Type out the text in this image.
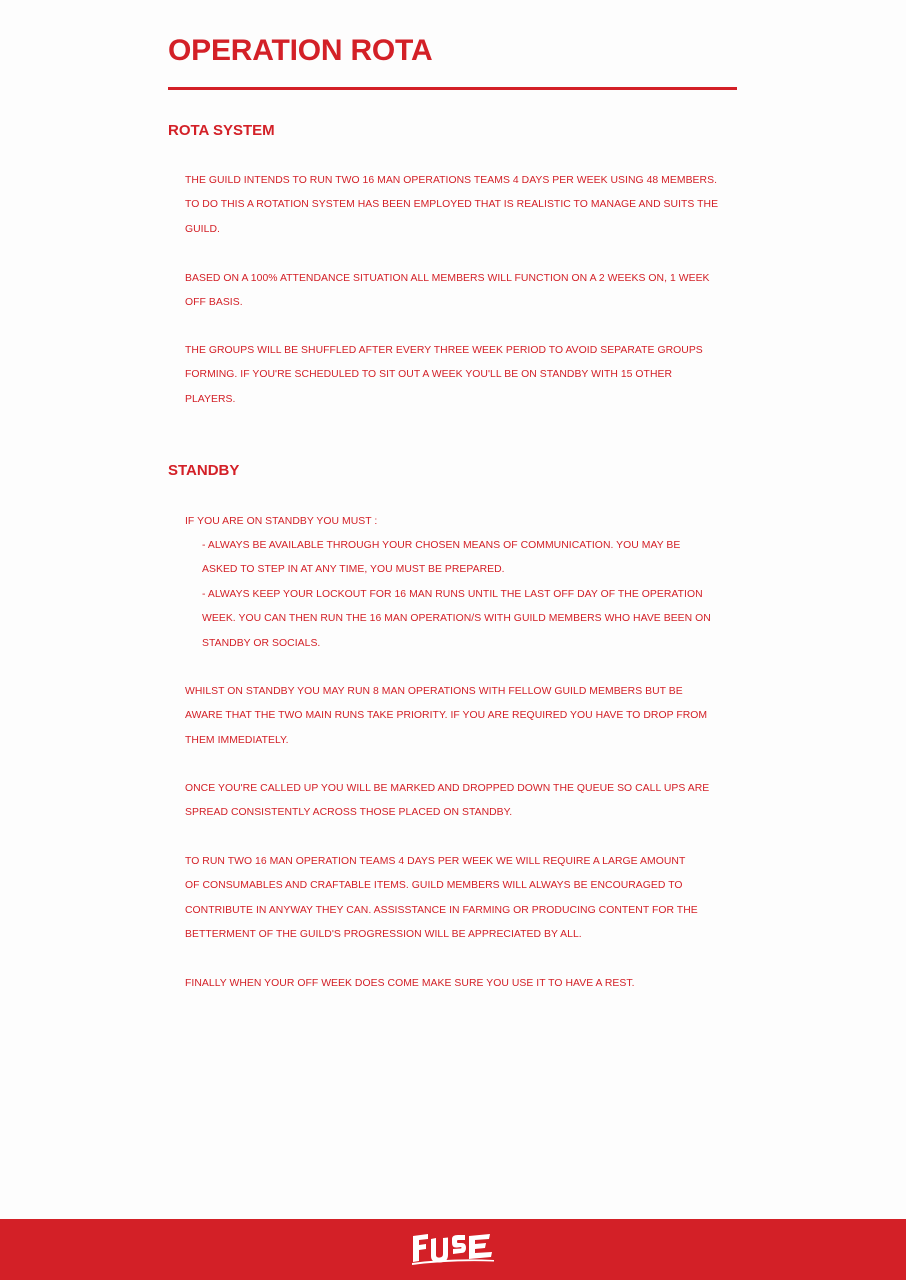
OPERATION ROTA
ROTA SYSTEM
THE GUILD INTENDS TO RUN TWO 16 MAN OPERATIONS TEAMS 4 DAYS PER WEEK USING 48 MEMBERS.
TO DO THIS A ROTATION SYSTEM HAS BEEN EMPLOYED THAT IS REALISTIC TO MANAGE AND SUITS THE
GUILD.
BASED ON A 100% ATTENDANCE SITUATION ALL MEMBERS WILL FUNCTION ON A 2 WEEKS ON, 1 WEEK
OFF BASIS.
THE GROUPS WILL BE SHUFFLED AFTER EVERY THREE WEEK PERIOD TO AVOID SEPARATE GROUPS
FORMING. IF YOU'RE SCHEDULED TO SIT OUT A WEEK YOU'LL BE ON STANDBY WITH 15 OTHER
PLAYERS.
STANDBY
IF YOU ARE ON STANDBY YOU MUST :
- ALWAYS BE AVAILABLE THROUGH YOUR CHOSEN MEANS OF COMMUNICATION. YOU MAY BE
ASKED TO STEP IN AT ANY TIME, YOU MUST BE PREPARED.
- ALWAYS KEEP YOUR LOCKOUT FOR 16 MAN RUNS UNTIL THE LAST OFF DAY OF THE OPERATION
WEEK. YOU CAN THEN RUN THE 16 MAN OPERATION/S WITH GUILD MEMBERS WHO HAVE BEEN ON
STANDBY OR SOCIALS.
WHILST ON STANDBY YOU MAY RUN 8 MAN OPERATIONS WITH FELLOW GUILD MEMBERS BUT BE
AWARE THAT THE TWO MAIN RUNS TAKE PRIORITY. IF YOU ARE REQUIRED YOU HAVE TO DROP FROM
THEM IMMEDIATELY.
ONCE YOU'RE CALLED UP YOU WILL BE MARKED AND DROPPED DOWN THE QUEUE SO CALL UPS ARE
SPREAD CONSISTENTLY ACROSS THOSE PLACED ON STANDBY.
TO RUN TWO 16 MAN OPERATION TEAMS 4 DAYS PER WEEK WE WILL REQUIRE A LARGE AMOUNT
OF CONSUMABLES AND CRAFTABLE ITEMS. GUILD MEMBERS WILL ALWAYS BE ENCOURAGED TO
CONTRIBUTE IN ANYWAY THEY CAN. ASSISSTANCE IN FARMING OR PRODUCING CONTENT FOR THE
BETTERMENT OF THE GUILD'S PROGRESSION WILL BE APPRECIATED BY ALL.
FINALLY WHEN YOUR OFF WEEK DOES COME MAKE SURE YOU USE IT TO HAVE A REST.
